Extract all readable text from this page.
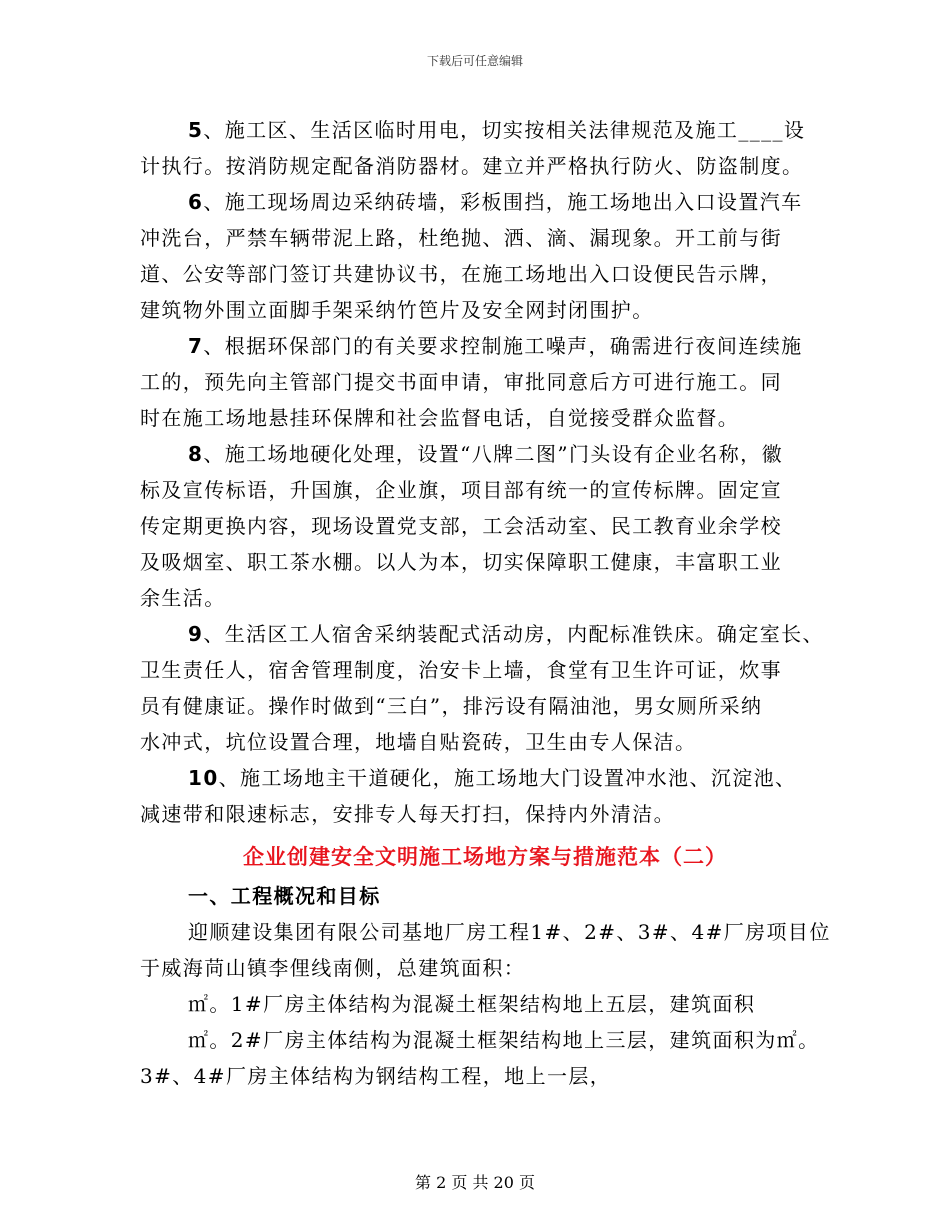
下载后可任意编辑
5、施工区、生活区临时用电，切实按相关法律规范及施工____设
计执行。按消防规定配备消防器材。建立并严格执行防火、防盗制度。
6、施工现场周边采纳砖墙，彩板围挡，施工场地出入口设置汽车
冲洗台，严禁车辆带泥上路，杜绝抛、洒、滴、漏现象。开工前与街
道、公安等部门签订共建协议书，在施工场地出入口设便民告示牌，
建筑物外围立面脚手架采纳竹笆片及安全网封闭围护。
7、根据环保部门的有关要求控制施工噪声，确需进行夜间连续施
工的，预先向主管部门提交书面申请，审批同意后方可进行施工。同
时在施工场地悬挂环保牌和社会监督电话，自觉接受群众监督。
8、施工场地硬化处理，设置“八牌二图”门头设有企业名称，徽
标及宣传标语，升国旗，企业旗，项目部有统一的宣传标牌。固定宣
传定期更换内容，现场设置党支部，工会活动室、民工教育业余学校
及吸烟室、职工茶水棚。以人为本，切实保障职工健康，丰富职工业
余生活。
9、生活区工人宿舍采纳装配式活动房，内配标准铁床。确定室长、
卫生责任人，宿舍管理制度，治安卡上墙，食堂有卫生许可证，炊事
员有健康证。操作时做到“三白”，排污设有隔油池，男女厕所采纳
水冲式，坑位设置合理，地墙自贴瓷砖，卫生由专人保洁。
10、施工场地主干道硬化，施工场地大门设置冲水池、沉淀池、
减速带和限速标志，安排专人每天打扫，保持内外清洁。
企业创建安全文明施工场地方案与措施范本（二）
一、工程概况和目标
迎顺建设集团有限公司基地厂房工程1#、2#、3#、4#厂房项目位
于威海苘山镇李俚线南侧，总建筑面积：
㎡。1#厂房主体结构为混凝土框架结构地上五层，建筑面积
㎡。2#厂房主体结构为混凝土框架结构地上三层，建筑面积为㎡。
3#、4#厂房主体结构为钢结构工程，地上一层，
第 2 页 共 20 页
